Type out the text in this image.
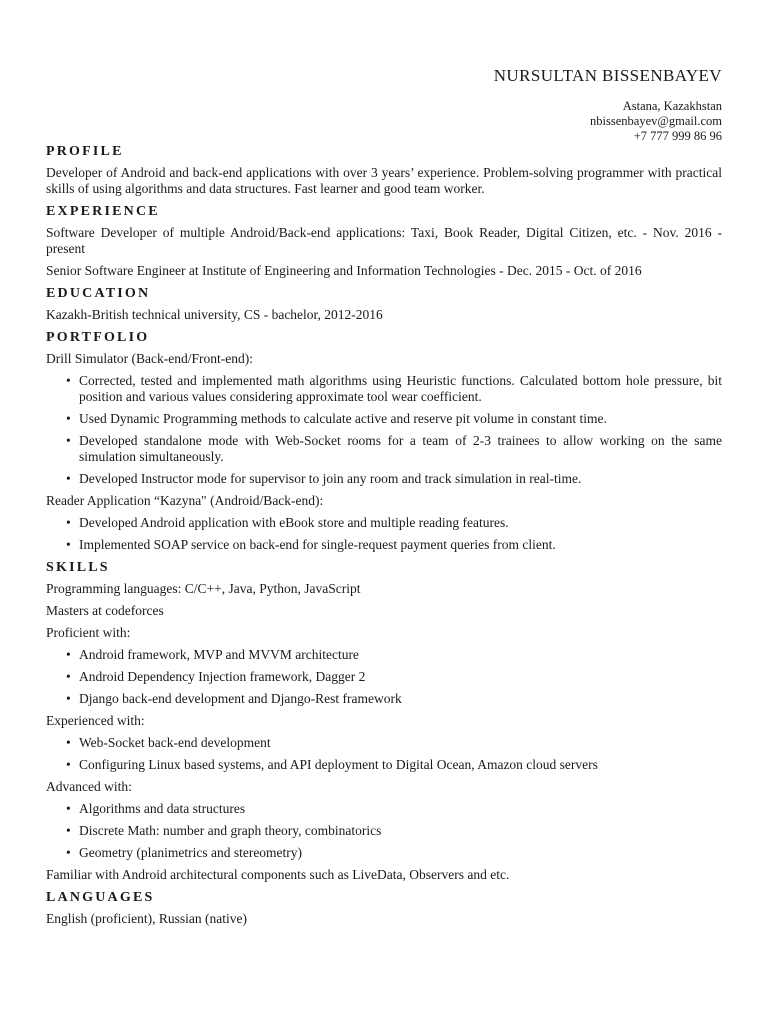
NURSULTAN BISSENBAYEV
Astana, Kazakhstan
nbissenbayev@gmail.com
+7 777 999 86 96
PROFILE

Developer of Android and back-end applications with over 3 years’ experience. Problem-solving programmer with practical skills of using algorithms and data structures. Fast learner and good team worker.

EXPERIENCE

Software Developer of multiple Android/Back-end applications: Taxi, Book Reader, Digital Citizen, etc. - Nov. 2016 - present

Senior Software Engineer at Institute of Engineering and Information Technologies - Dec. 2015 - Oct. of 2016

EDUCATION

Kazakh-British technical university, CS - bachelor, 2012-2016

PORTFOLIO

Drill Simulator (Back-end/Front-end):

• Corrected, tested and implemented math algorithms using Heuristic functions. Calculated bottom hole pressure, bit position and various values considering approximate tool wear coefficient.
• Used Dynamic Programming methods to calculate active and reserve pit volume in constant time.
• Developed standalone mode with Web-Socket rooms for a team of 2-3 trainees to allow working on the same simulation simultaneously.
• Developed Instructor mode for supervisor to join any room and track simulation in real-time.

Reader Application “Kazyna" (Android/Back-end):

• Developed Android application with eBook store and multiple reading features.
• Implemented SOAP service on back-end for single-request payment queries from client.
SKILLS

Programming languages: C/C++, Java, Python, JavaScript

Masters at codeforces

Proficient with:

• Android framework, MVP and MVVM architecture
• Android Dependency Injection framework, Dagger 2
• Django back-end development and Django-Rest framework

Experienced with:

• Web-Socket back-end development
• Configuring Linux based systems, and API deployment to Digital Ocean, Amazon cloud servers

Advanced with:

• Algorithms and data structures
• Discrete Math: number and graph theory, combinatorics
• Geometry (planimetrics and stereometry)

Familiar with Android architectural components such as LiveData, Observers and etc.

LANGUAGES

English (proficient), Russian (native)
